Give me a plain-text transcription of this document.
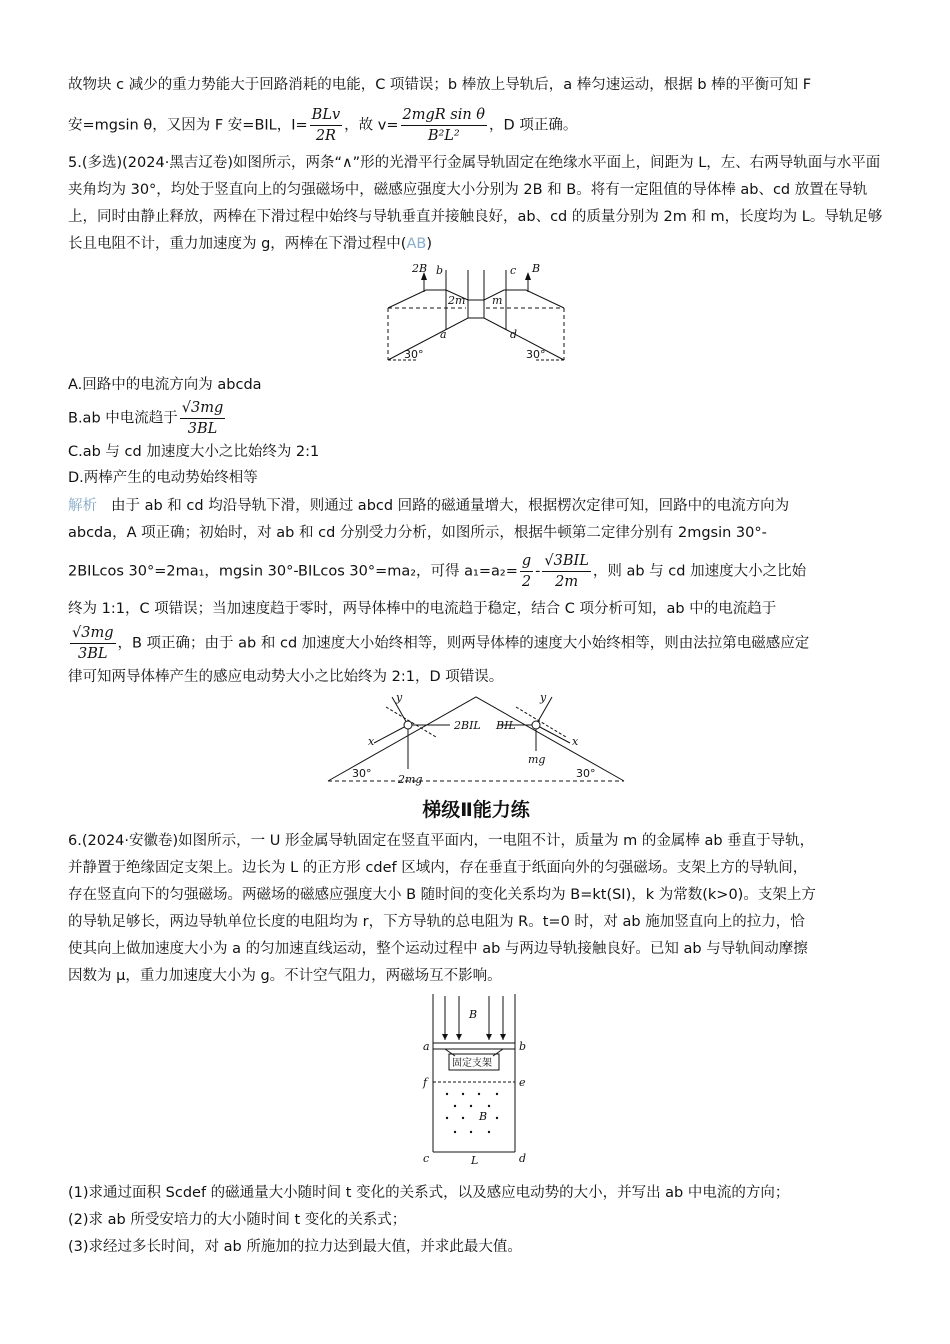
故物块 c 减少的重力势能大于回路消耗的电能，C 项错误；b 棒放上导轨后，a 棒匀速运动，根据 b 棒的平衡可知 F

安=mgsin θ，又因为 F 安=BIL，$I= \frac{\text{BLv}}{2R}$ ，故 $v= \frac{\text{2mgR sin θ}}{\text{B²L²}}$ ，D 项正确。

5.(多选)(2024·黑吉辽卷)如图所示，两条“∧”形的光滑平行金属导轨固定在绝缘水平面上，间距为 L，左、右两导轨面与水平面夹角均为 30°，均处于竖直向上的匀强磁场中，磁感应强度大小分别为 2B 和 B。将有一定阻值的导体棒 ab、cd 放置在导轨上，同时由静止释放，两棒在下滑过程中始终与导轨垂直并接触良好，ab、cd 的质量分别为 2m 和 m，长度均为 L。导轨足够长且电阻不计，重力加速度为 g，两棒在下滑过程中(AB)

2B	B
b	c
2m m
a	d
30°	30°

A.回路中的电流方向为 abcda

B.ab 中电流趋于 $\frac{√3mg}{3BL}$

C.ab 与 cd 加速度大小之比始终为 2:1

D.两棒产生的电动势始终相等

解析 由于 ab 和 cd 均沿导轨下滑，则通过 abcd 回路的磁通量增大，根据楞次定律可知，回路中的电流方向为

abcda，A 项正确；初始时，对 ab 和 cd 分别受力分析，如图所示，根据牛顿第二定律分别有 2mgsin 30°-

2BILcos 30°=2ma₁，mgsin 30°-BILcos 30°=ma₂，可得 $a_1=a_2= \frac{g}{2} - \frac{\text{√3BIL}}{2m}$ ，则 ab 与 cd 加速度大小之比始

终为 1:1，C 项错误；当加速度趋于零时，两导体棒中的电流趋于稳定，结合 C 项分析可知，ab 中的电流趋于

$\frac{√3mg}{3BL}$ ，B 项正确；由于 ab 和 cd 加速度大小始终相等，则两导体棒的速度大小始终相等，则由法拉第电磁感应定

律可知两导体棒产生的感应电动势大小之比始终为 2:1，D 项错误。

y
x
2BIL
2mg
y
x
BIL
mg
30°	30°
梯级Ⅱ能力练

6.(2024·安徽卷)如图所示，一 U 形金属导轨固定在竖直平面内，一电阻不计，质量为 m 的金属棒 ab 垂直于导轨，

并静置于绝缘固定支架上。边长为 L 的正方形 cdef 区域内，存在垂直于纸面向外的匀强磁场。支架上方的导轨间，

存在竖直向下的匀强磁场。两磁场的磁感应强度大小 B 随时间的变化关系均为 B=kt(SI)，k 为常数(k>0)。支架上方

的导轨足够长，两边导轨单位长度的电阻均为 r，下方导轨的总电阻为 R。t=0 时，对 ab 施加竖直向上的拉力，恰

使其向上做加速度大小为 a 的匀加速直线运动，整个运动过程中 ab 与两边导轨接触良好。已知 ab 与导轨间动摩擦

因数为 μ，重力加速度大小为 g。不计空气阻力，两磁场互不影响。

B
a	b
固定支架
f	e
B
c	L	d

(1)求通过面积 Scdef 的磁通量大小随时间 t 变化的关系式，以及感应电动势的大小，并写出 ab 中电流的方向；

(2)求 ab 所受安培力的大小随时间 t 变化的关系式；

(3)求经过多长时间，对 ab 所施加的拉力达到最大值，并求此最大值。
